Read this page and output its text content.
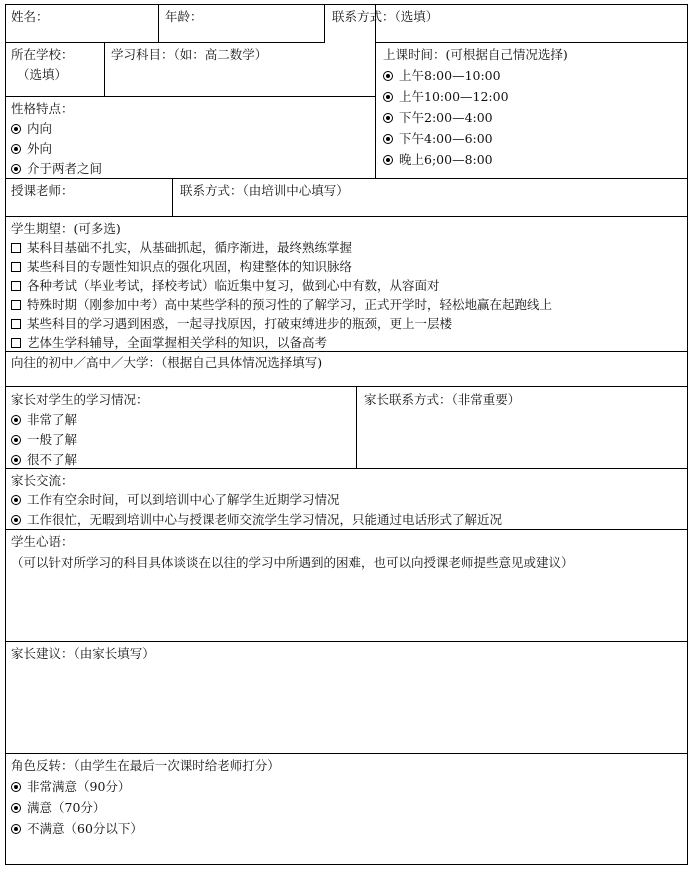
姓名：	年龄：	联系方式：（选填）
所在学校：
（选填）
学习科目：（如：高二数学）	上课时间：(可根据自己情况选择)
上午8:00—10:00
上午10:00—12:00
下午2:00—4:00
下午4:00—6:00
晚上6;00—8:00
性格特点：
内向
外向
介于两者之间
授课老师：	联系方式：（由培训中心填写）
学生期望：(可多选)
某科目基础不扎实，从基础抓起，循序渐进，最终熟练掌握
某些科目的专题性知识点的强化巩固，构建整体的知识脉络
各种考试（毕业考试，择校考试）临近集中复习，做到心中有数，从容面对
特殊时期（刚参加中考）高中某些学科的预习性的了解学习，正式开学时，轻松地赢在起跑线上
某些科目的学习遇到困惑，一起寻找原因，打破束缚进步的瓶颈，更上一层楼
艺体生学科辅导，全面掌握相关学科的知识，以备高考
向往的初中／高中／大学：（根据自己具体情况选择填写)
家长对学生的学习情况：
非常了解
一般了解
很不了解
家长联系方式：（非常重要）
家长交流：
工作有空余时间，可以到培训中心了解学生近期学习情况
工作很忙，无暇到培训中心与授课老师交流学生学习情况，只能通过电话形式了解近况
学生心语：
（可以针对所学习的科目具体谈谈在以往的学习中所遇到的困难，也可以向授课老师提些意见或建议）
家长建议：（由家长填写）
角色反转：（由学生在最后一次课时给老师打分）
非常满意（90分）
满意（70分）
不满意（60分以下）
